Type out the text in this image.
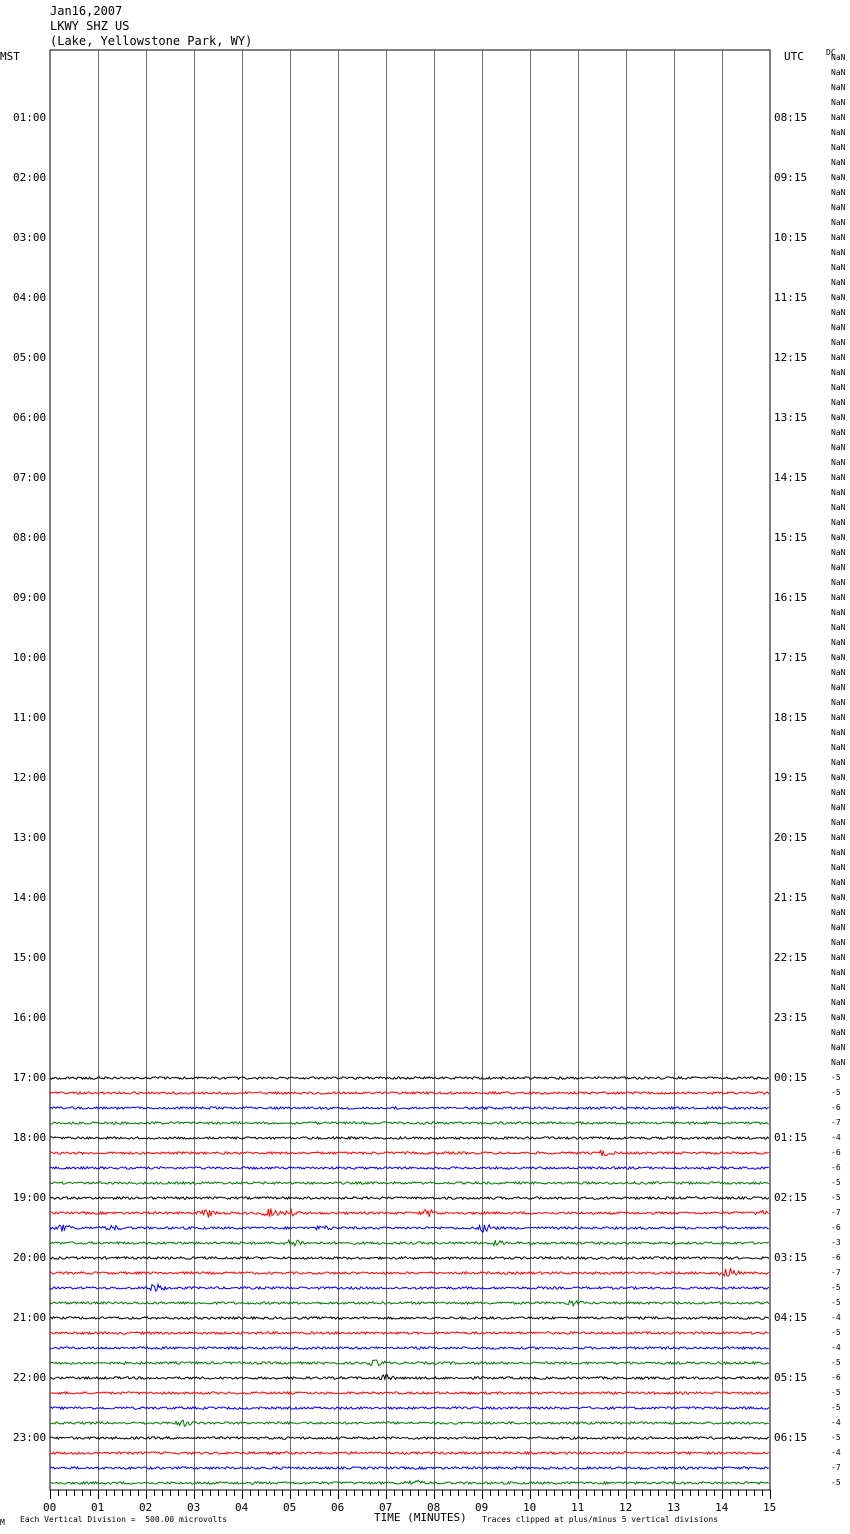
Jan16,2007
LKWY SHZ US
(Lake, Yellowstone Park, WY)
MST	UTC	DC
01:00
02:00
03:00
04:00
05:00
06:00
07:00
08:00
09:00
10:00
11:00
12:00
13:00
14:00
15:00
16:00
17:00
18:00
19:00
20:00
21:00
22:00
23:00
08:15
09:15
10:15
11:15
12:15
13:15
14:15
15:15
16:15
17:15
18:15
19:15
20:15
21:15
22:15
23:15
00:15
01:15
02:15
03:15
04:15
05:15
06:15
NaN
NaN
NaN
NaN
NaN
NaN
NaN
NaN
NaN
NaN
NaN
NaN
NaN
NaN
NaN
NaN
NaN
NaN
NaN
NaN
NaN
NaN
NaN
NaN
NaN
NaN
NaN
NaN
NaN
NaN
NaN
NaN
NaN
NaN
NaN
NaN
NaN
NaN
NaN
NaN
NaN
NaN
NaN
NaN
NaN
NaN
NaN
NaN
NaN
NaN
NaN
NaN
NaN
NaN
NaN
NaN
NaN
NaN
NaN
NaN
NaN
NaN
NaN
NaN
NaN
NaN
NaN
NaN
-5
-5
-6
-7
-4
-6
-6
-5
-5
-7
-6
-3
-6
-7
-5
-5
-4
-5
-4
-5
-6
-5
-5
-4
-5
-4
-7
-5
00	01	02	03	04	05	06	07	08	09	10	11	12	13	14	15
M Each Vertical Division =  500.00 microvolts	TIME (MINUTES) Traces clipped at plus/minus 5 vertical divisions
